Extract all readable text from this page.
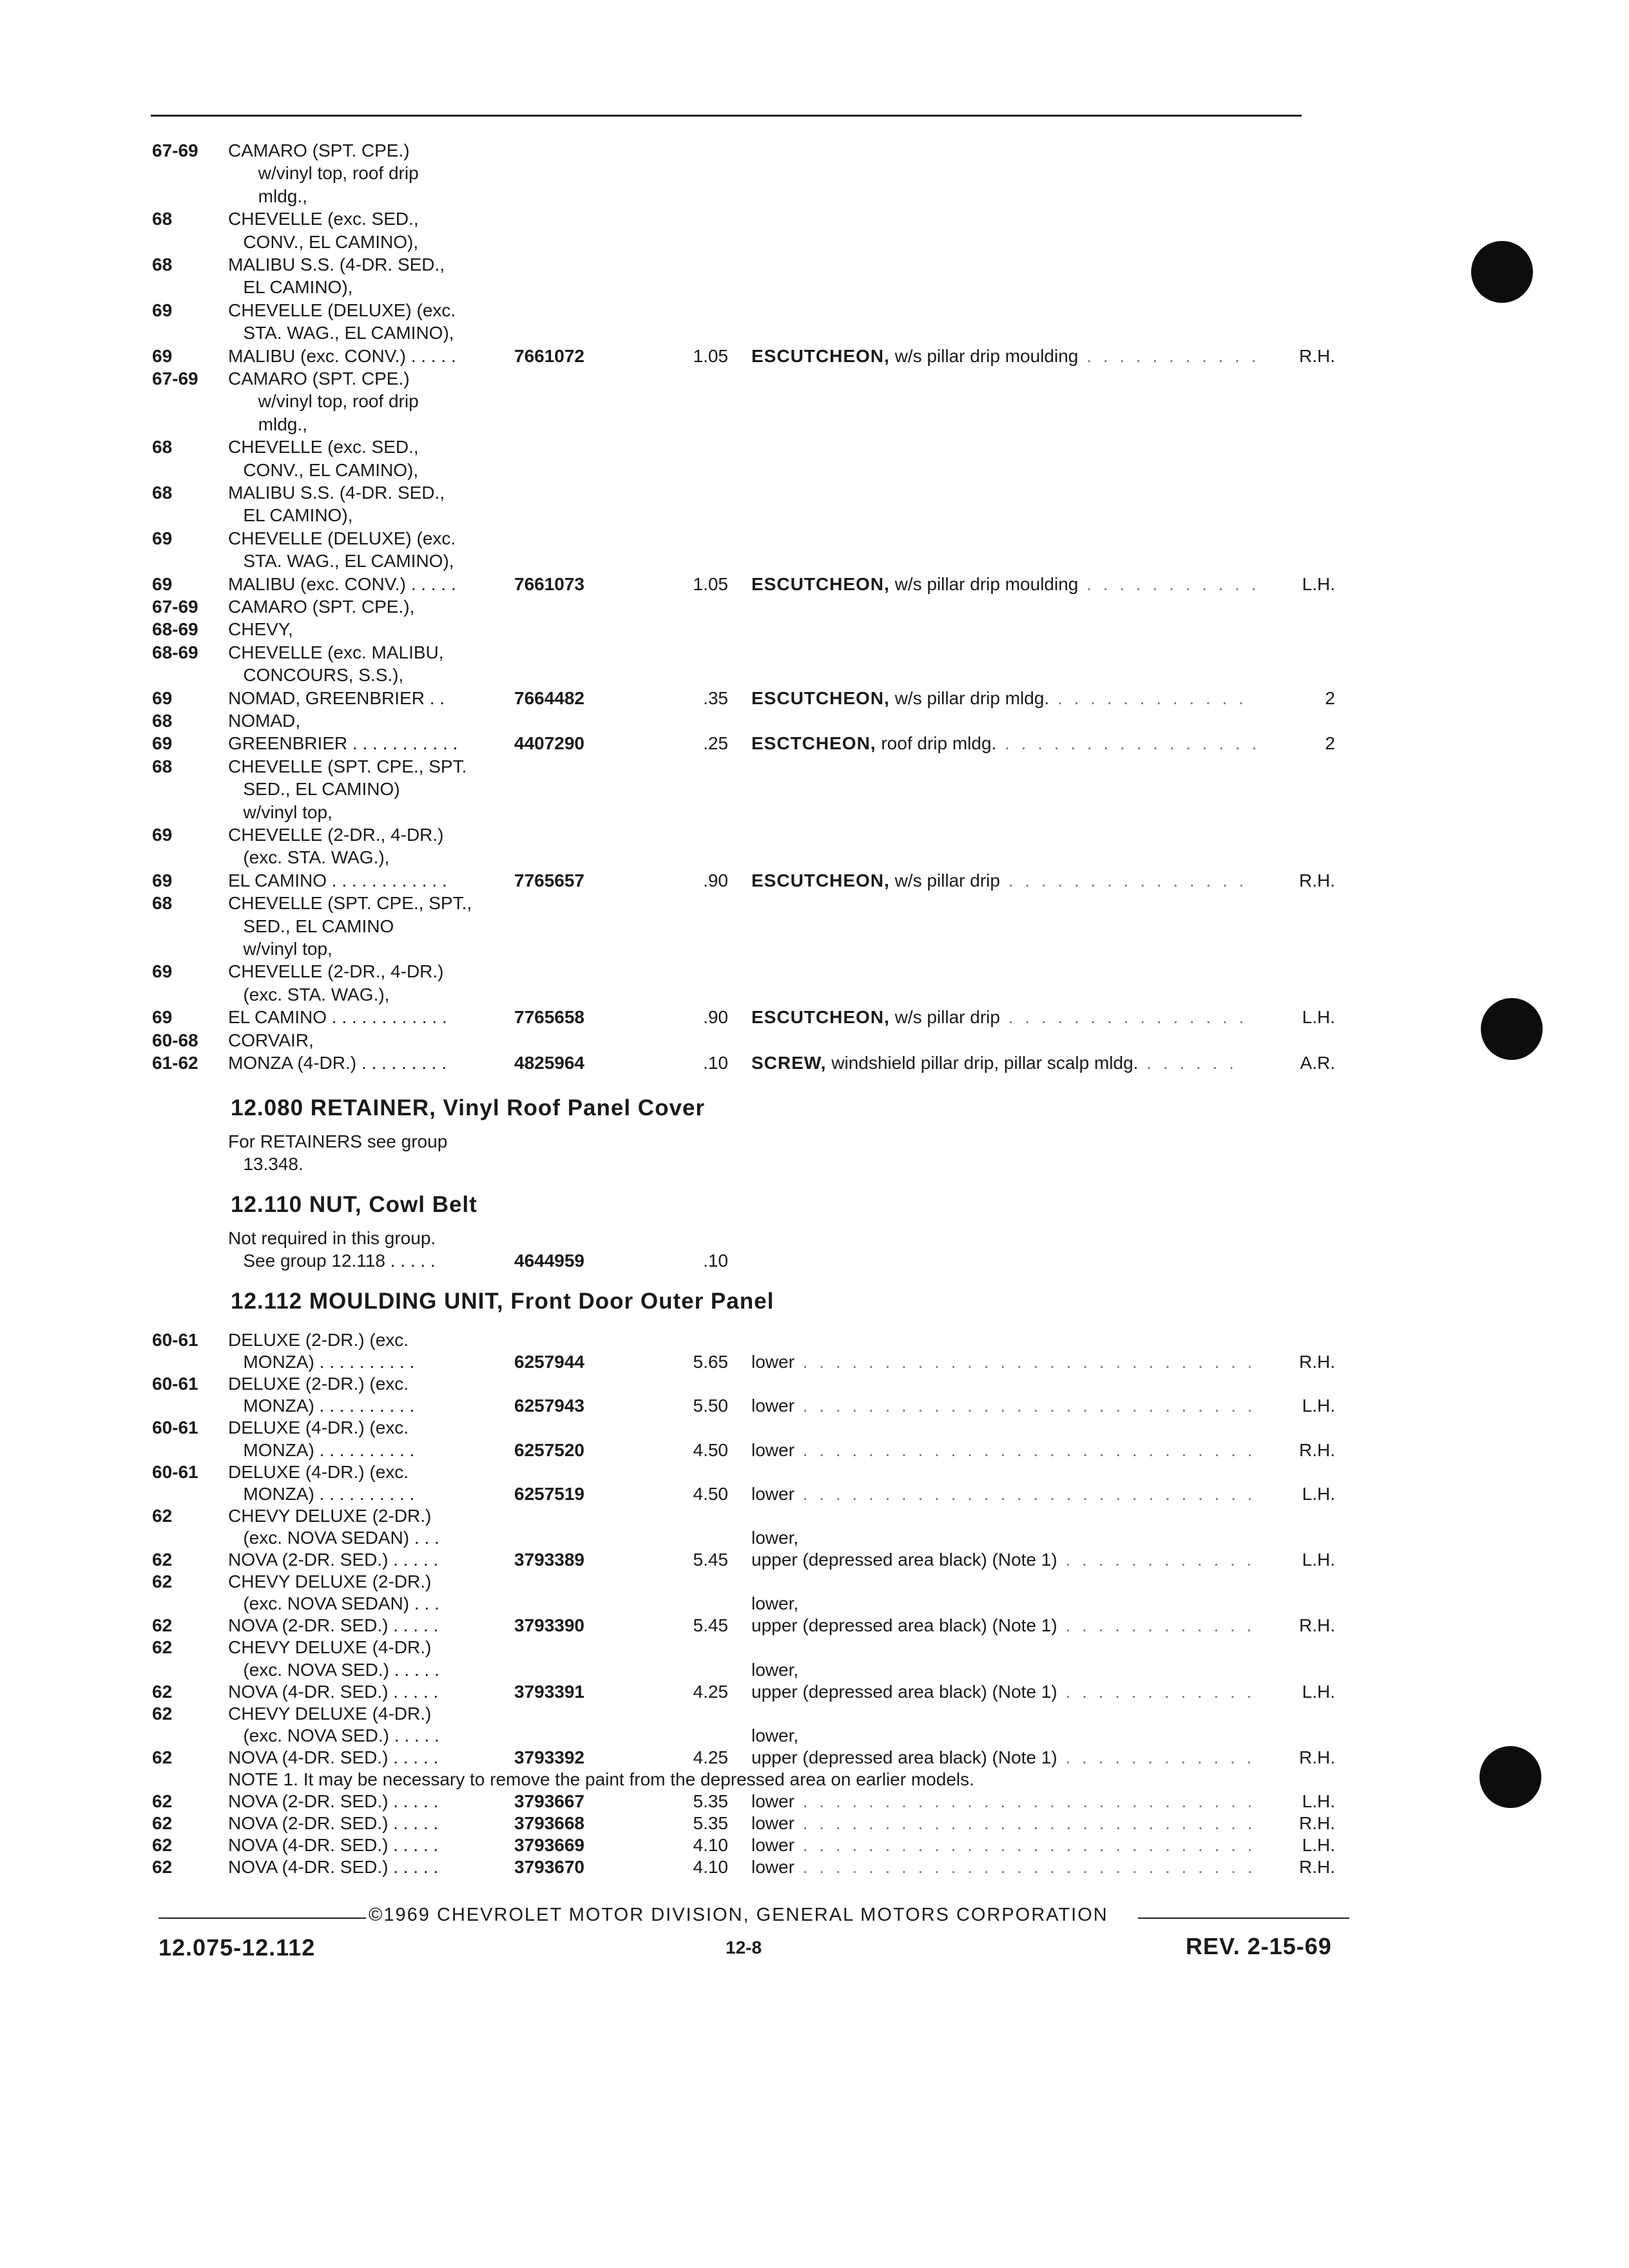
67-69 CAMARO (SPT. CPE.)
w/vinyl top, roof drip
mldg.,
68	CHEVELLE (exc. SED.,
CONV., EL CAMINO),
68	MALIBU S.S. (4-DR. SED.,
EL CAMINO),
69	CHEVELLE (DELUXE) (exc.
STA. WAG., EL CAMINO),
69	MALIBU (exc. CONV.) . . . . .	7661072	1.05 ESCUTCHEON, w/s pillar drip moulding . . . . . . . . . . .	R.H.
67-69 CAMARO (SPT. CPE.)
w/vinyl top, roof drip
mldg.,
68	CHEVELLE (exc. SED.,
CONV., EL CAMINO),
68	MALIBU S.S. (4-DR. SED.,
EL CAMINO),
69	CHEVELLE (DELUXE) (exc.
STA. WAG., EL CAMINO),
69	MALIBU (exc. CONV.) . . . . .	7661073	1.05 ESCUTCHEON, w/s pillar drip moulding . . . . . . . . . . .	L.H.
67-69 CAMARO (SPT. CPE.),
68-69 CHEVY,
68-69 CHEVELLE (exc. MALIBU,
CONCOURS, S.S.),
69	NOMAD, GREENBRIER . .	7664482	.35 ESCUTCHEON, w/s pillar drip mldg. . . . . . . . . . . . .	2
68	NOMAD,
69	GREENBRIER . . . . . . . . . . .	4407290	.25 ESCTCHEON, roof drip mldg. . . . . . . . . . . . . . . . .	2
68	CHEVELLE (SPT. CPE., SPT.
SED., EL CAMINO)
w/vinyl top,
69	CHEVELLE (2-DR., 4-DR.)
(exc. STA. WAG.),
69	EL CAMINO . . . . . . . . . . . .	7765657	.90 ESCUTCHEON, w/s pillar drip . . . . . . . . . . . . . . .	R.H.
68	CHEVELLE (SPT. CPE., SPT.,
SED., EL CAMINO
w/vinyl top,
69	CHEVELLE (2-DR., 4-DR.)
(exc. STA. WAG.),
69	EL CAMINO . . . . . . . . . . . .	7765658	.90 ESCUTCHEON, w/s pillar drip . . . . . . . . . . . . . . .	L.H.
60-68 CORVAIR,
61-62 MONZA (4-DR.) . . . . . . . . .	4825964	.10 SCREW, windshield pillar drip, pillar scalp mldg. . . . . . .	A.R.
12.080 RETAINER, Vinyl Roof Panel Cover
For RETAINERS see group
13.348.
12.110 NUT, Cowl Belt
Not required in this group.
See group 12.118 . . . . .	4644959	.10
12.112 MOULDING UNIT, Front Door Outer Panel
60-61 DELUXE (2-DR.) (exc.
MONZA) . . . . . . . . . .	6257944	5.65 lower . . . . . . . . . . . . . . . . . . . . . . . . . . . .	R.H.
60-61 DELUXE (2-DR.) (exc.
MONZA) . . . . . . . . . .	6257943	5.50 lower . . . . . . . . . . . . . . . . . . . . . . . . . . . .	L.H.
60-61 DELUXE (4-DR.) (exc.
MONZA) . . . . . . . . . .	6257520	4.50 lower . . . . . . . . . . . . . . . . . . . . . . . . . . . .	R.H.
60-61 DELUXE (4-DR.) (exc.
MONZA) . . . . . . . . . .	6257519	4.50 lower . . . . . . . . . . . . . . . . . . . . . . . . . . . .	L.H.
62	CHEVY DELUXE (2-DR.)
(exc. NOVA SEDAN) . . .	lower,
62	NOVA (2-DR. SED.) . . . . .	3793389	5.45 upper (depressed area black) (Note 1) . . . . . . . . . . . .	L.H.
62	CHEVY DELUXE (2-DR.)
(exc. NOVA SEDAN) . . .	lower,
62	NOVA (2-DR. SED.) . . . . .	3793390	5.45 upper (depressed area black) (Note 1) . . . . . . . . . . . .	R.H.
62	CHEVY DELUXE (4-DR.)
(exc. NOVA SED.) . . . . .	lower,
62	NOVA (4-DR. SED.) . . . . .	3793391	4.25 upper (depressed area black) (Note 1) . . . . . . . . . . . .	L.H.
62	CHEVY DELUXE (4-DR.)
(exc. NOVA SED.) . . . . .	lower,
62	NOVA (4-DR. SED.) . . . . .	3793392	4.25 upper (depressed area black) (Note 1) . . . . . . . . . . . .	R.H.
NOTE 1. It may be necessary to remove the paint from the depressed area on earlier models.
62	NOVA (2-DR. SED.) . . . . .	3793667	5.35 lower . . . . . . . . . . . . . . . . . . . . . . . . . . . .	L.H.
62	NOVA (2-DR. SED.) . . . . .	3793668	5.35 lower . . . . . . . . . . . . . . . . . . . . . . . . . . . .	R.H.
62	NOVA (4-DR. SED.) . . . . .	3793669	4.10 lower . . . . . . . . . . . . . . . . . . . . . . . . . . . .	L.H.
62	NOVA (4-DR. SED.) . . . . .	3793670	4.10 lower . . . . . . . . . . . . . . . . . . . . . . . . . . . .	R.H.
©1969 CHEVROLET MOTOR DIVISION, GENERAL MOTORS CORPORATION
12.075-12.112	12-8	REV. 2-15-69
